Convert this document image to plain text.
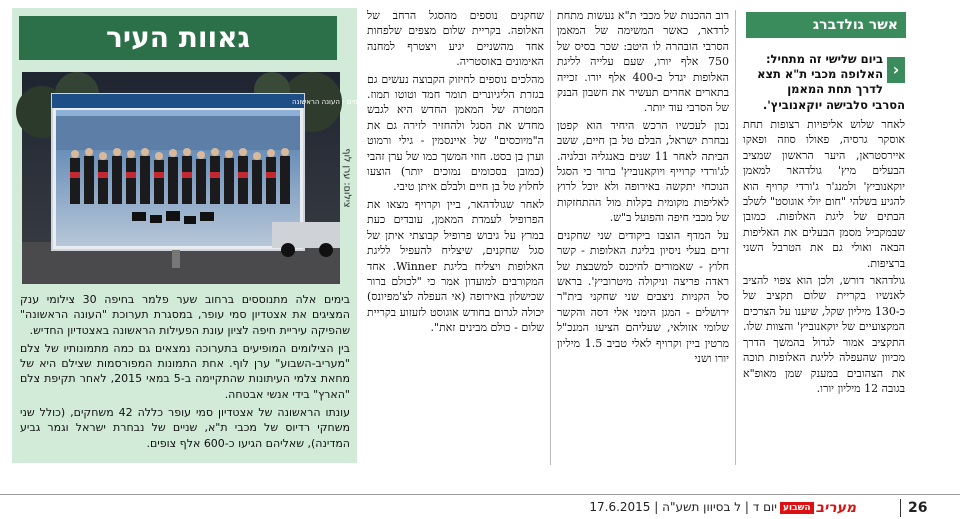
אשר גולדברג
›
ביום שלישי זה מתחיל: האלופה מכבי ת"א תצא לדרך תחת המאמן
הסרבי סלבישה יוקאנוביץ'.

לאחר שלוש אליפויות רצופות תחת אוסקר גרסיה, פאולו סוזה ופאקו איירסטראן, היער הראשון שמציב הבעלים מיץ' גולדהאר למאמן יוקאנוביץ' ולמנג'ר ג'ורדי קרויף הוא להגיע בשלהי "חום יולי אוגוסט" לשלב הבתים של ליגת האלופות. כמובן שבמקביל מסמן הבעלים את האליפות הבאה ואולי גם את הטרבל השני ברציפות.

גולדהאר דורש, ולכן הוא צפוי להציב לאנשיו בקריית שלום תקציב של כ-130 מיליון שקל, שיענו על הצרכים המקצועיים של יוקאנוביץ' והצוות שלו. התקציב אמור לגדול בהמשך הדרך מכיוון שהעפלה לליגת האלופות תוכה את הצהובים במענק שמן מאופ"א בגובה 12 מיליון יורו.

רוב ההכנות של מכבי ת"א נעשות מתחת לרדאר, כאשר המשימה של המאמן הסרבי הובהרה לו היטב: שכר בסיס של 750 אלף יורו, שעם עלייה לליגת האלופות יגדל ב-400 אלף יורו. זכייה בתארים אחרים תעשיר את חשבון הבנק של הסרבי עוד יותר.

נכון לעכשיו הרכש היחיד הוא קפטן נבחרת ישראל, הבלם טל בן חיים, ששב הביתה לאחר 11 שנים באנגליה ובלגיה. לג'ורדי קרוייף ויוקאנוביץ' ברור כי הסגל הנוכחי יתקשה באירופה ולא יוכל לרוץ לאליפות מקומית בקלות מול ההתחזקות של מכבי חיפה והפועל ב"ש.

על המדף הוצבו ביקודים שני שחקנים זרים בעלי ניסיון בליגת האלופות - קשר חלוץ - שאמורים להיכנס למשבצת של ראדה פריצה וניקולה מיטרוביץ'. בראש סל הקניות ניצבים שני שחקני בית"ר ירושלים - המגן הימני אלי דסה והקשר שלומי אזולאי, שעליהם הציעו המנכ"ל מרטין ביין וקרויף לאלי טביב 1.5 מיליון יורו ושני

שחקנים נוספים מהסגל הרחב של האלופה. בקריית שלום מצפים שלפחות אחד מהשניים יגיע ויצטרף למחנה האימונים באוסטריה.

מהלכים נוספים לחיזוק הקבוצה נעשים גם בגזרת הליגיונרים תומר חמד וטוטו תמוז. המטרה של המאמן החדש היא לגבש מחדש את הסגל ולהחזיר לזירה גם את ה"מיוכסים" של איינסמין - גילי ורמוט וערן בן בסט. חוזי המשך כמו של ערן זהבי (כמובן בסכומים נמוכים יותר) הוצעו לחלוץ טל בן חיים ולבלם איתן טיבי.

לאחר שגולדהאר, ביין וקרויף מצאו את הפרופיל לעמדת המאמן, עובדים כעת במרץ על גיבוש פרופיל קבוצתי איתן של סגל שחקנים, שיצליח להעפיל לליגת האלופות ויצליח בליגת Winner. אחד המקורבים למועדון אמר כי "לכולם ברור שכישלון באירופה (אי העפלה לצ'מפיונס) יכולה לגרום בחודש אוגוסט לזעזוע בקריית שלום - כולם מבינים זאת".

גאוות העיר
תערוכת צילומים - העונה הראשונה
צילום: ערן לוף

בימים אלה מתנוססים ברחוב שער פלמר בחיפה 30 צילומי ענק המציגים את אצטדיון סמי עופר, במסגרת תערוכת "העונה הראשונה" שהפיקה עיריית חיפה לציון עונת הפעילות הראשונה באצטדיון החדיש.

בין הצילומים המופיעים בתערוכה נמצאים גם כמה מתמונותיו של צלם "מעריב-השבוע" ערן לוף. אחת התמונות המפורסמות שצילם היא של מחאת צלמי העיתונות שהתקיימה ב-5 במאי 2015, לאחר תקיפת צלם "הארץ" בידי אנשי אבטחה.

עונתו הראשונה של אצטדיון סמי עופר כללה 42 משחקים, (כולל שני משחקי רדיוס של מכבי ת"א, שניים של נבחרת ישראל וגמר גביע המדינה), שאליהם הגיעו כ-600 אלף צופים.

26
מעריב
השבוע
יום ד | ל בסיוון תשע"ה | 17.6.2015
